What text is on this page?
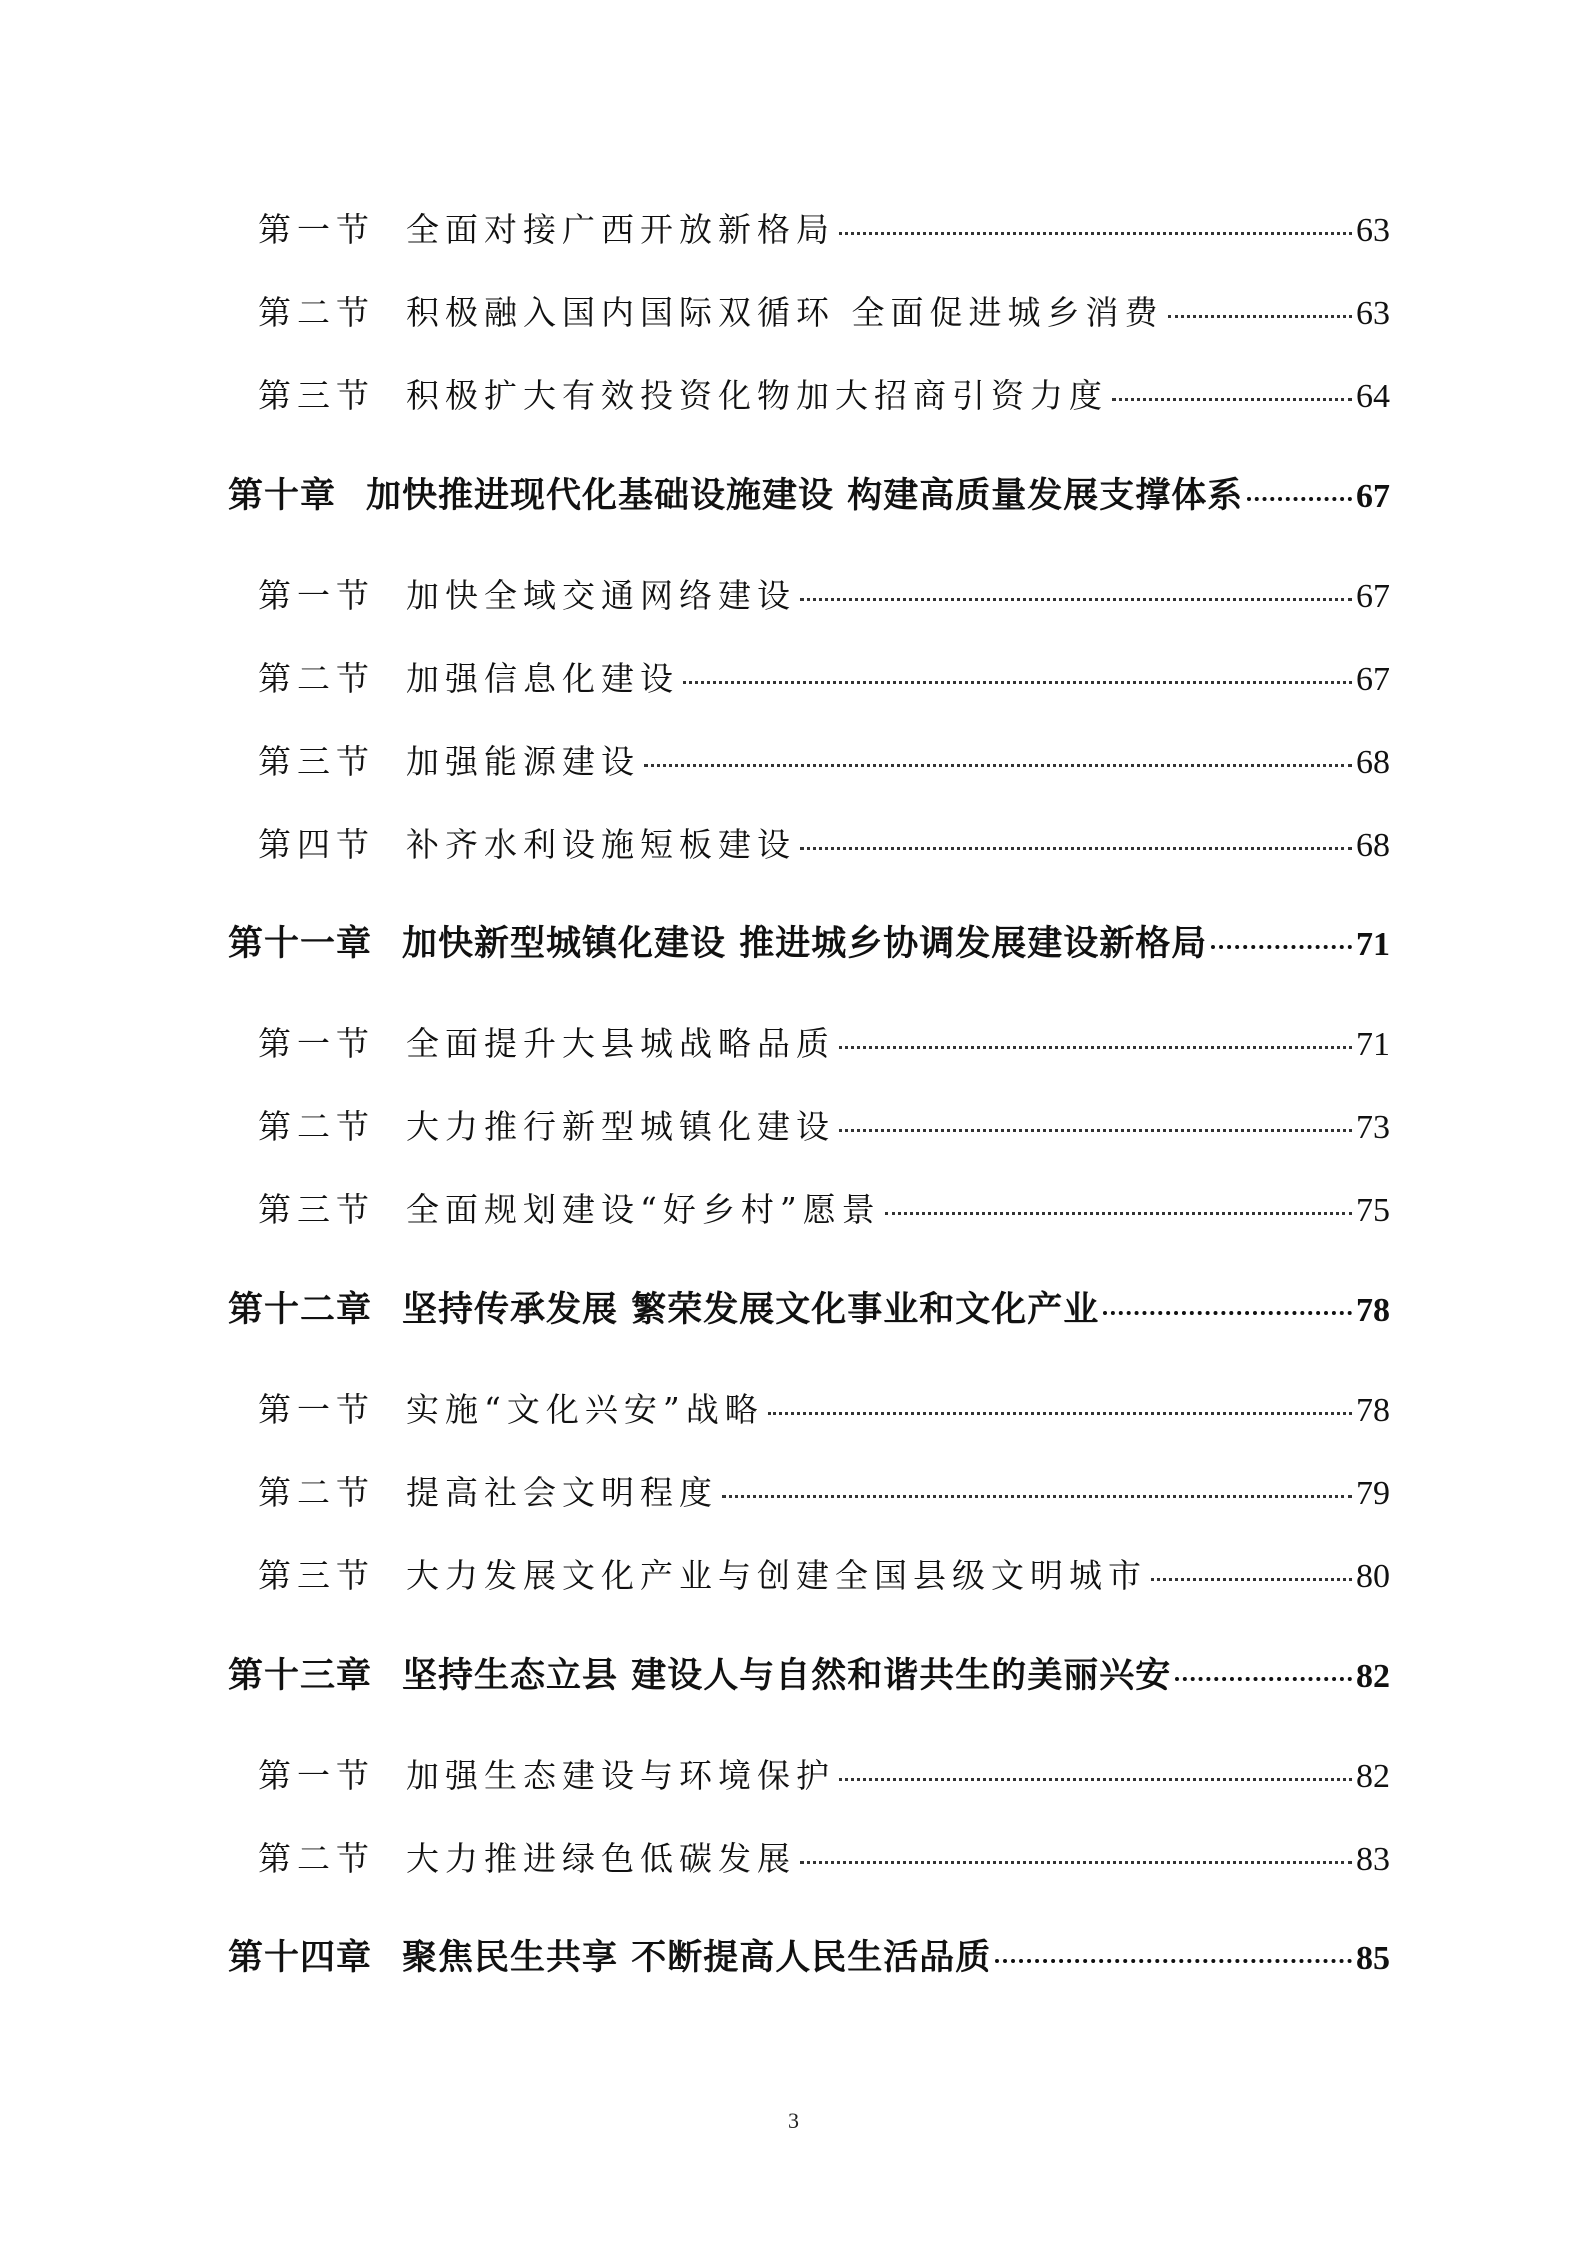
第一节 全面对接广西开放新格局	63
第二节 积极融入国内国际双循环 全面促进城乡消费	63
第三节 积极扩大有效投资化物加大招商引资力度	64
第十章 加快推进现代化基础设施建设 构建高质量发展支撑体系	67
第一节 加快全域交通网络建设	67
第二节 加强信息化建设	67
第三节 加强能源建设	68
第四节 补齐水利设施短板建设	68
第十一章 加快新型城镇化建设 推进城乡协调发展建设新格局	71
第一节 全面提升大县城战略品质	71
第二节 大力推行新型城镇化建设	73
第三节 全面规划建设“好乡村”愿景	75
第十二章 坚持传承发展 繁荣发展文化事业和文化产业	78
第一节 实施“文化兴安”战略	78
第二节 提高社会文明程度	79
第三节 大力发展文化产业与创建全国县级文明城市	80
第十三章 坚持生态立县 建设人与自然和谐共生的美丽兴安	82
第一节 加强生态建设与环境保护	82
第二节 大力推进绿色低碳发展	83
第十四章 聚焦民生共享 不断提高人民生活品质	85
3
